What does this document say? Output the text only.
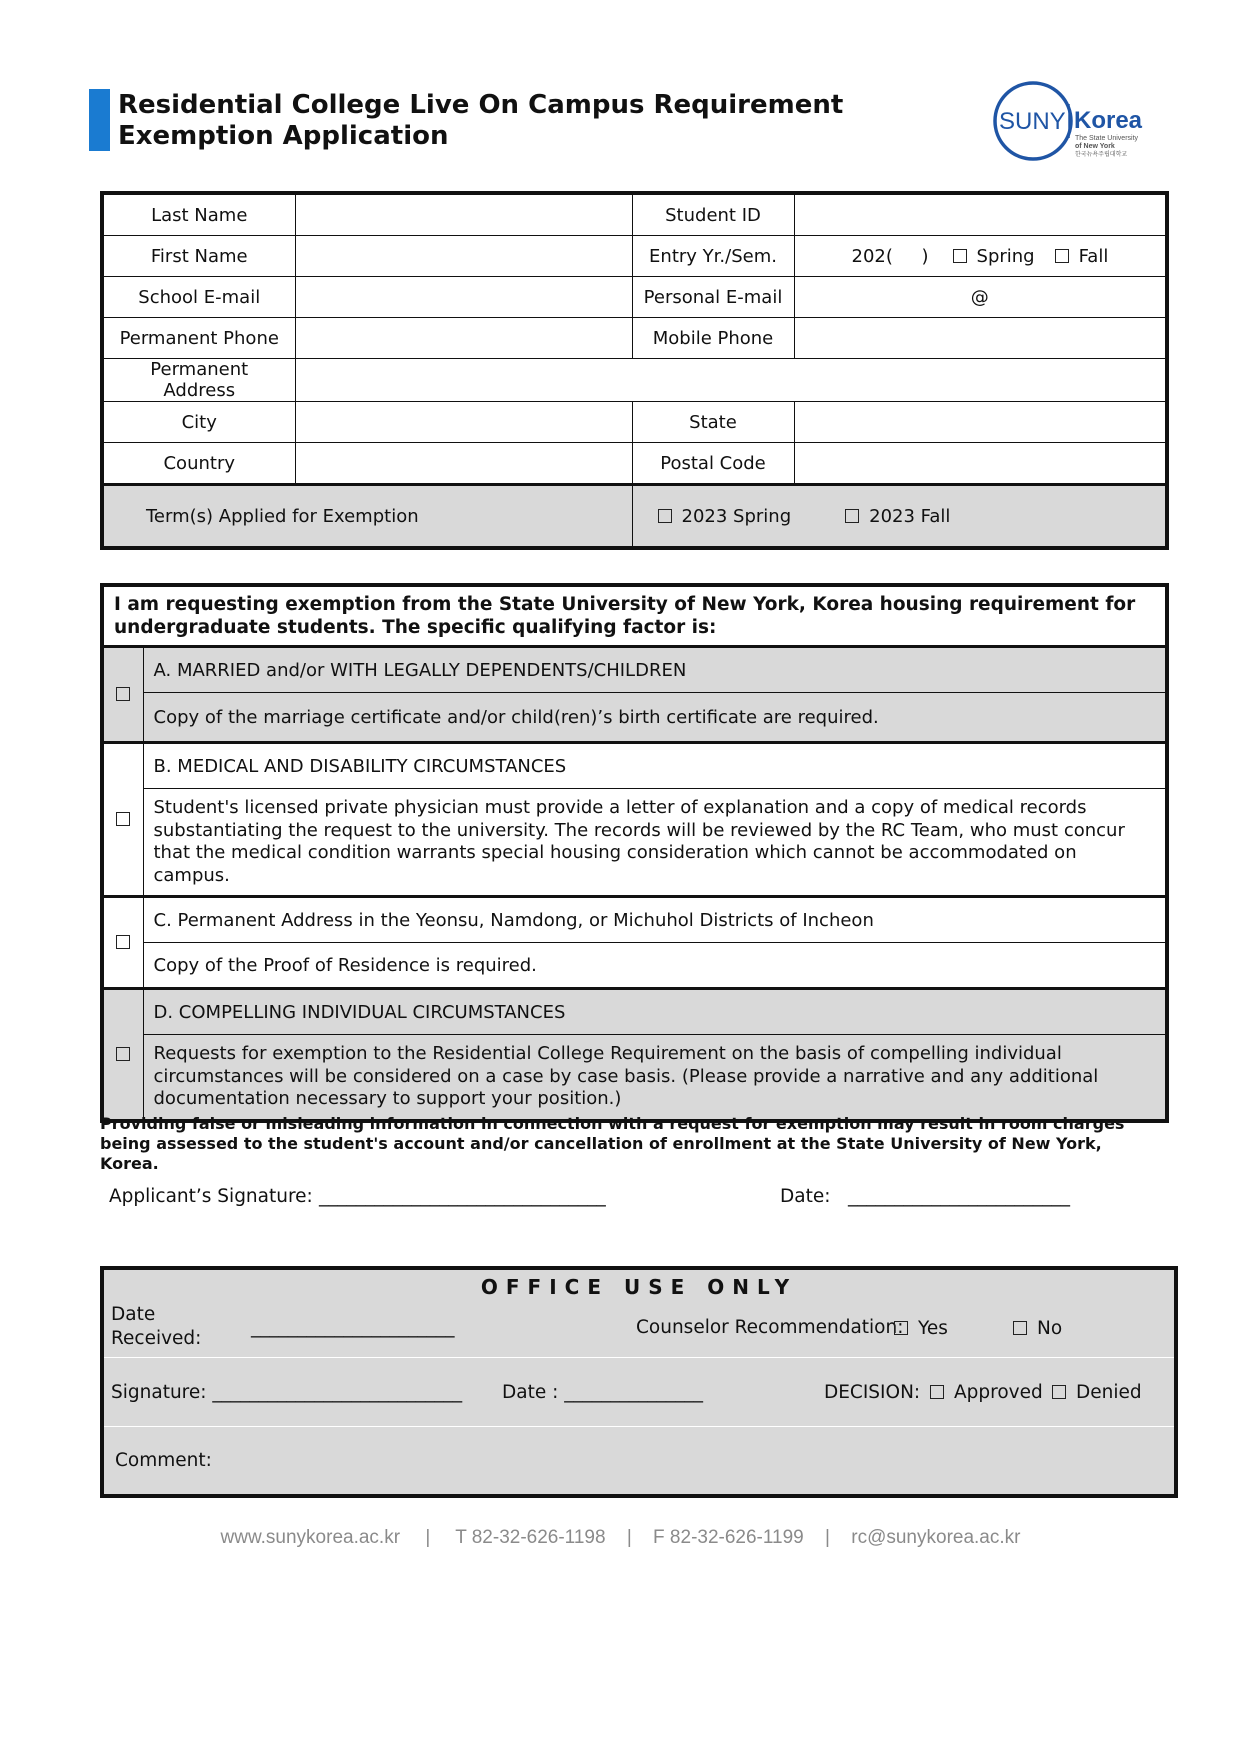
Residential College Live On Campus Requirement
Exemption Application	SUNY Korea
The State University
of New York
한국뉴욕주립대학교
Last Name		Student ID	
First Name		Entry Yr./Sem.	202(     ) Spring Fall
School E-mail		Personal E-mail	@
Permanent Phone		Mobile Phone	
Permanent Address			
City		State	
Country		Postal Code	
Term(s) Applied for Exemption		2023 Spring 2023 Fall	
I am requesting exemption from the State University of New York, Korea housing requirement for undergraduate students. The specific qualifying factor is:	
	A. MARRIED and/or WITH LEGALLY DEPENDENTS/CHILDREN
	Copy of the marriage certificate and/or child(ren)’s birth certificate are required.
	B. MEDICAL AND DISABILITY CIRCUMSTANCES
	Student's licensed private physician must provide a letter of explanation and a copy of medical records substantiating the request to the university. The records will be reviewed by the RC Team, who must concur that the medical condition warrants special housing consideration which cannot be accommodated on campus.
	C. Permanent Address in the Yeonsu, Namdong, or Michuhol Districts of Incheon
	Copy of the Proof of Residence is required.
	D. COMPELLING INDIVIDUAL CIRCUMSTANCES
	Requests for exemption to the Residential College Requirement on the basis of compelling individual circumstances will be considered on a case by case basis. (Please provide a narrative and any additional documentation necessary to support your position.)
Providing false or misleading information in connection with a request for exemption may result in room charges being assessed to the student's account and/or cancellation of enrollment at the State University of New York, Korea.
Applicant’s Signature: _______________________________	Date: ________________________
OFFICE USE ONLY
Date
Received:
______________________	Counselor Recommendation: Yes	No
Signature: ___________________________ Date : _______________	DECISION:	Approved	Denied
Comment:
www.sunykorea.ac.kr | T 82-32-626-1198 | F 82-32-626-1199 | rc@sunykorea.ac.kr
